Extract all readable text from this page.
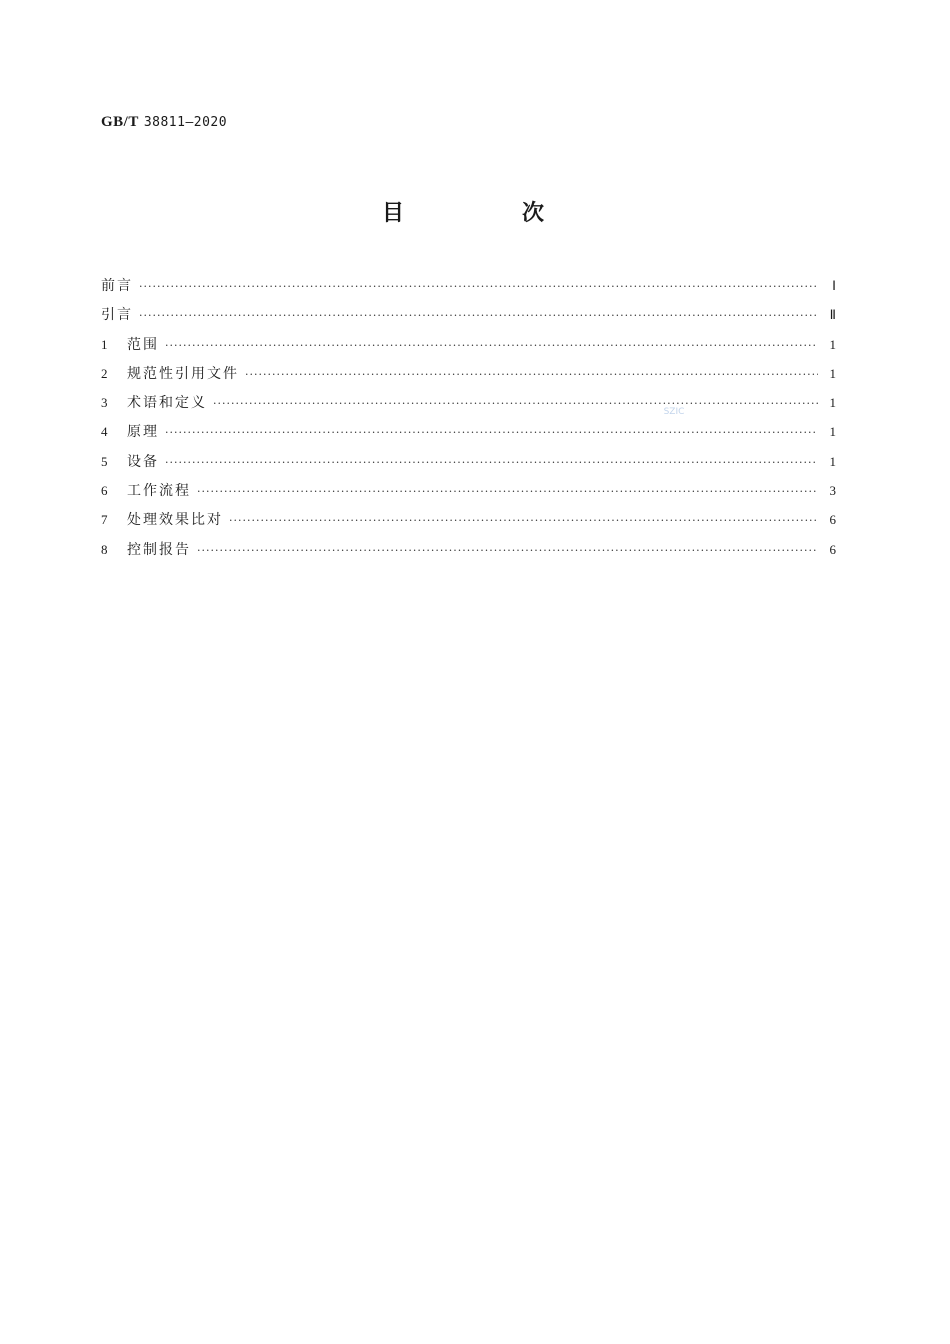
GB/T 38811—2020
目　次
SZIC
前言 ·····	Ⅰ
引言 ·····	Ⅱ
1	范围 ·····	1
2	规范性引用文件 ·····	1
3	术语和定义 ·····	1
4	原理 ·····	1
5	设备 ·····	1
6	工作流程 ·····	3
7	处理效果比对 ·····	6
8	控制报告 ·····	6
